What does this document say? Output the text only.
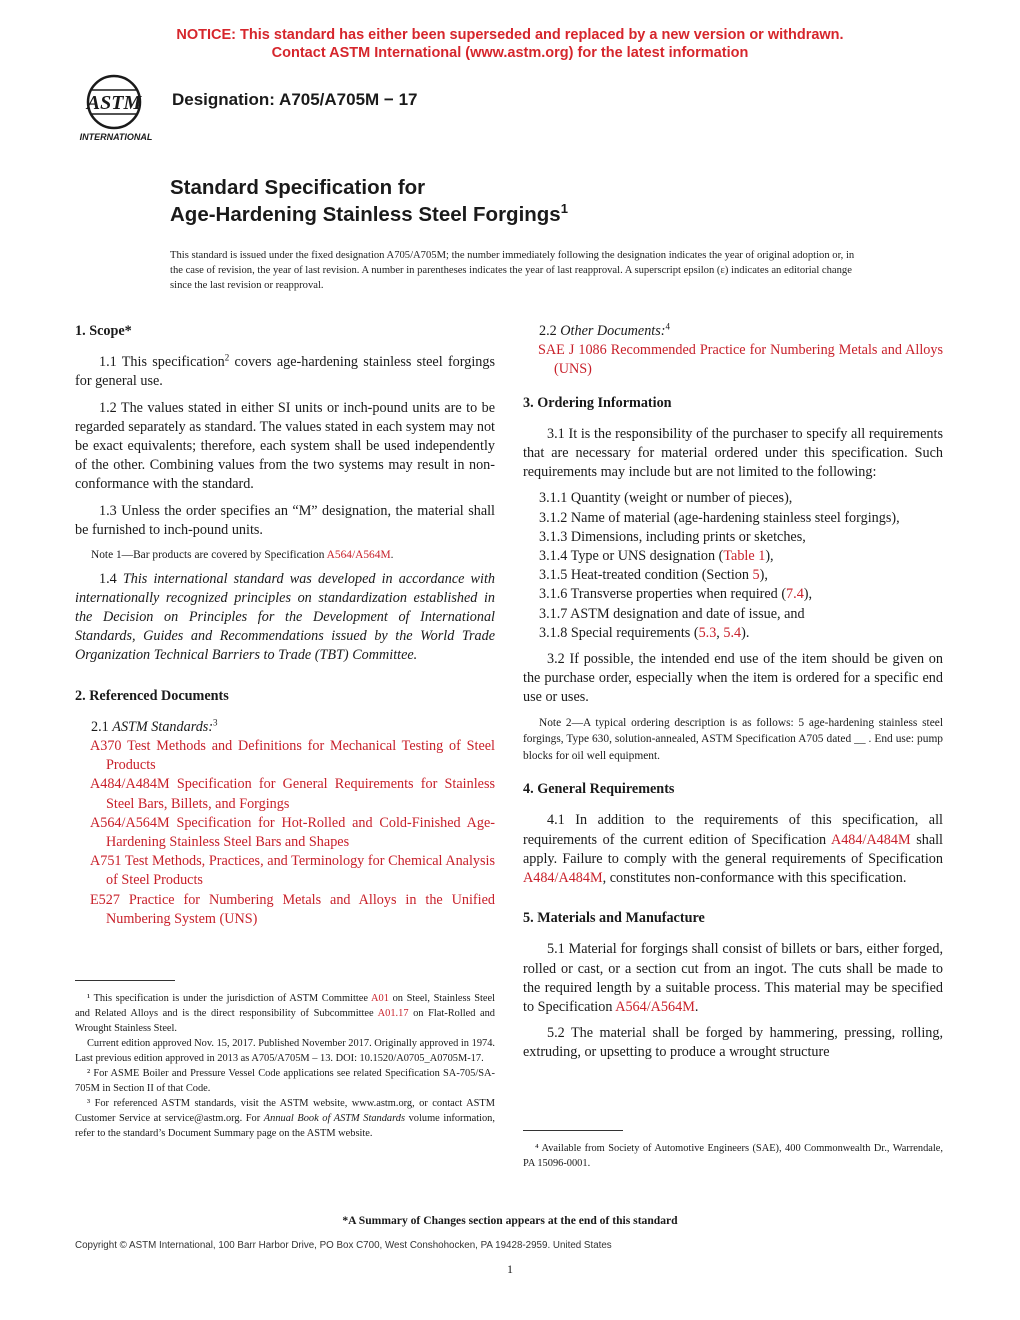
NOTICE: This standard has either been superseded and replaced by a new version or withdrawn.
Contact ASTM International (www.astm.org) for the latest information
ASTM
INTERNATIONAL
Designation: A705/A705M − 17
Standard Specification for
Age-Hardening Stainless Steel Forgings$^1$
This standard is issued under the fixed designation A705/A705M; the number immediately following the designation indicates the year of original adoption or, in the case of revision, the year of last revision. A number in parentheses indicates the year of last reapproval. A superscript epsilon (ε) indicates an editorial change since the last revision or reapproval.

1. Scope*

1.1 This specification$^2$ covers age-hardening stainless steel forgings for general use.

1.2 The values stated in either SI units or inch-pound units are to be regarded separately as standard. The values stated in each system may not be exact equivalents; therefore, each system shall be used independently of the other. Combining values from the two systems may result in non-conformance with the standard.

1.3 Unless the order specifies an “M” designation, the material shall be furnished to inch-pound units.

Note 1—Bar products are covered by Specification A564/A564M.

1.4 This international standard was developed in accordance with internationally recognized principles on standardization established in the Decision on Principles for the Development of International Standards, Guides and Recommendations issued by the World Trade Organization Technical Barriers to Trade (TBT) Committee.

2. Referenced Documents

2.1 ASTM Standards:$^3$

A370 Test Methods and Definitions for Mechanical Testing of Steel Products

A484/A484M Specification for General Requirements for Stainless Steel Bars, Billets, and Forgings

A564/A564M Specification for Hot-Rolled and Cold-Finished Age-Hardening Stainless Steel Bars and Shapes

A751 Test Methods, Practices, and Terminology for Chemical Analysis of Steel Products

E527 Practice for Numbering Metals and Alloys in the Unified Numbering System (UNS)

¹ This specification is under the jurisdiction of ASTM Committee A01 on Steel, Stainless Steel and Related Alloys and is the direct responsibility of Subcommittee A01.17 on Flat-Rolled and Wrought Stainless Steel.

Current edition approved Nov. 15, 2017. Published November 2017. Originally approved in 1974. Last previous edition approved in 2013 as A705/A705M – 13. DOI: 10.1520/A0705_A0705M-17.

² For ASME Boiler and Pressure Vessel Code applications see related Specification SA-705/SA-705M in Section II of that Code.

³ For referenced ASTM standards, visit the ASTM website, www.astm.org, or contact ASTM Customer Service at service@astm.org. For Annual Book of ASTM Standards volume information, refer to the standard’s Document Summary page on the ASTM website.

2.2 Other Documents:$^4$

SAE J 1086 Recommended Practice for Numbering Metals and Alloys (UNS)

3. Ordering Information

3.1 It is the responsibility of the purchaser to specify all requirements that are necessary for material ordered under this specification. Such requirements may include but are not limited to the following:

3.1.1 Quantity (weight or number of pieces),

3.1.2 Name of material (age-hardening stainless steel forgings),

3.1.3 Dimensions, including prints or sketches,

3.1.4 Type or UNS designation (Table 1),

3.1.5 Heat-treated condition (Section 5),

3.1.6 Transverse properties when required (7.4),

3.1.7 ASTM designation and date of issue, and

3.1.8 Special requirements (5.3, 5.4).

3.2 If possible, the intended end use of the item should be given on the purchase order, especially when the item is ordered for a specific end use or uses.

Note 2—A typical ordering description is as follows: 5 age-hardening stainless steel forgings, Type 630, solution-annealed, ASTM Specification A705 dated __ . End use: pump blocks for oil well equipment.

4. General Requirements

4.1 In addition to the requirements of this specification, all requirements of the current edition of Specification A484/A484M shall apply. Failure to comply with the general requirements of Specification A484/A484M, constitutes non-conformance with this specification.

5. Materials and Manufacture

5.1 Material for forgings shall consist of billets or bars, either forged, rolled or cast, or a section cut from an ingot. The cuts shall be made to the required length by a suitable process. This material may be specified to Specification A564/A564M.

5.2 The material shall be forged by hammering, pressing, rolling, extruding, or upsetting to produce a wrought structure

⁴ Available from Society of Automotive Engineers (SAE), 400 Commonwealth Dr., Warrendale, PA 15096-0001.

*A Summary of Changes section appears at the end of this standard
Copyright © ASTM International, 100 Barr Harbor Drive, PO Box C700, West Conshohocken, PA 19428-2959. United States
1
